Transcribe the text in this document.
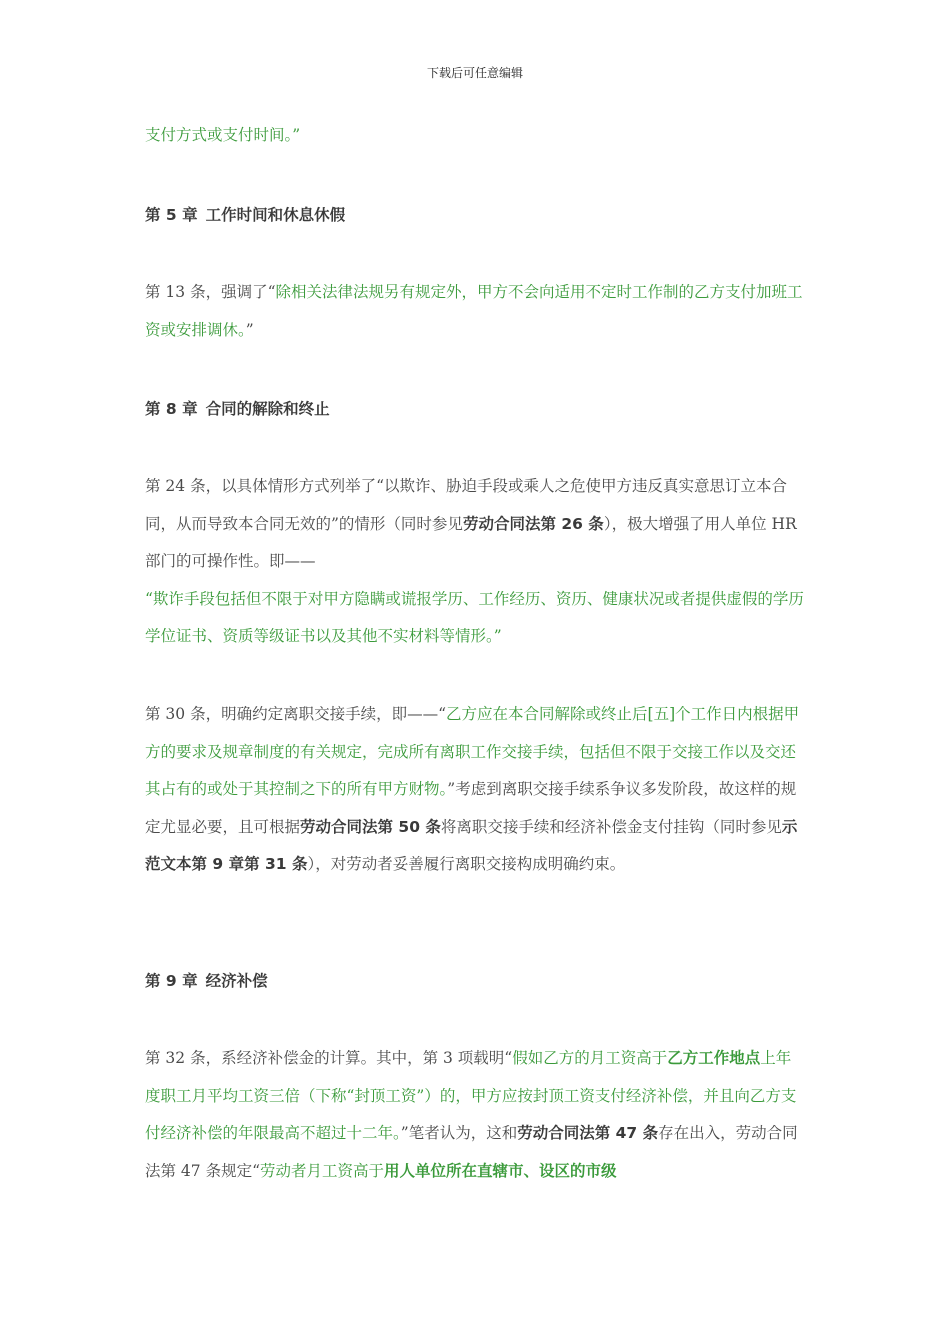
下载后可任意编辑

支付方式或支付时间。”

第 5 章 工作时间和休息休假

第 13 条，强调了“除相关法律法规另有规定外，甲方不会向适用不定时工作制的乙方支付加班工资或安排调休。”

第 8 章 合同的解除和终止

第 24 条，以具体情形方式列举了“以欺诈、胁迫手段或乘人之危使甲方违反真实意思订立本合同，从而导致本合同无效的”的情形（同时参见劳动合同法第 26 条），极大增强了用人单位 HR 部门的可操作性。即——
“欺诈手段包括但不限于对甲方隐瞒或谎报学历、工作经历、资历、健康状况或者提供虚假的学历学位证书、资质等级证书以及其他不实材料等情形。”

第 30 条，明确约定离职交接手续，即——“乙方应在本合同解除或终止后[五]个工作日内根据甲方的要求及规章制度的有关规定，完成所有离职工作交接手续，包括但不限于交接工作以及交还其占有的或处于其控制之下的所有甲方财物。”考虑到离职交接手续系争议多发阶段，故这样的规定尤显必要，且可根据劳动合同法第 50 条将离职交接手续和经济补偿金支付挂钩（同时参见示范文本第 9 章第 31 条），对劳动者妥善履行离职交接构成明确约束。

第 9 章 经济补偿

第 32 条，系经济补偿金的计算。其中，第 3 项载明“假如乙方的月工资高于乙方工作地点上年度职工月平均工资三倍（下称“封顶工资”）的，甲方应按封顶工资支付经济补偿，并且向乙方支付经济补偿的年限最高不超过十二年。”笔者认为，这和劳动合同法第 47 条存在出入，劳动合同法第 47 条规定“劳动者月工资高于用人单位所在直辖市、设区的市级
